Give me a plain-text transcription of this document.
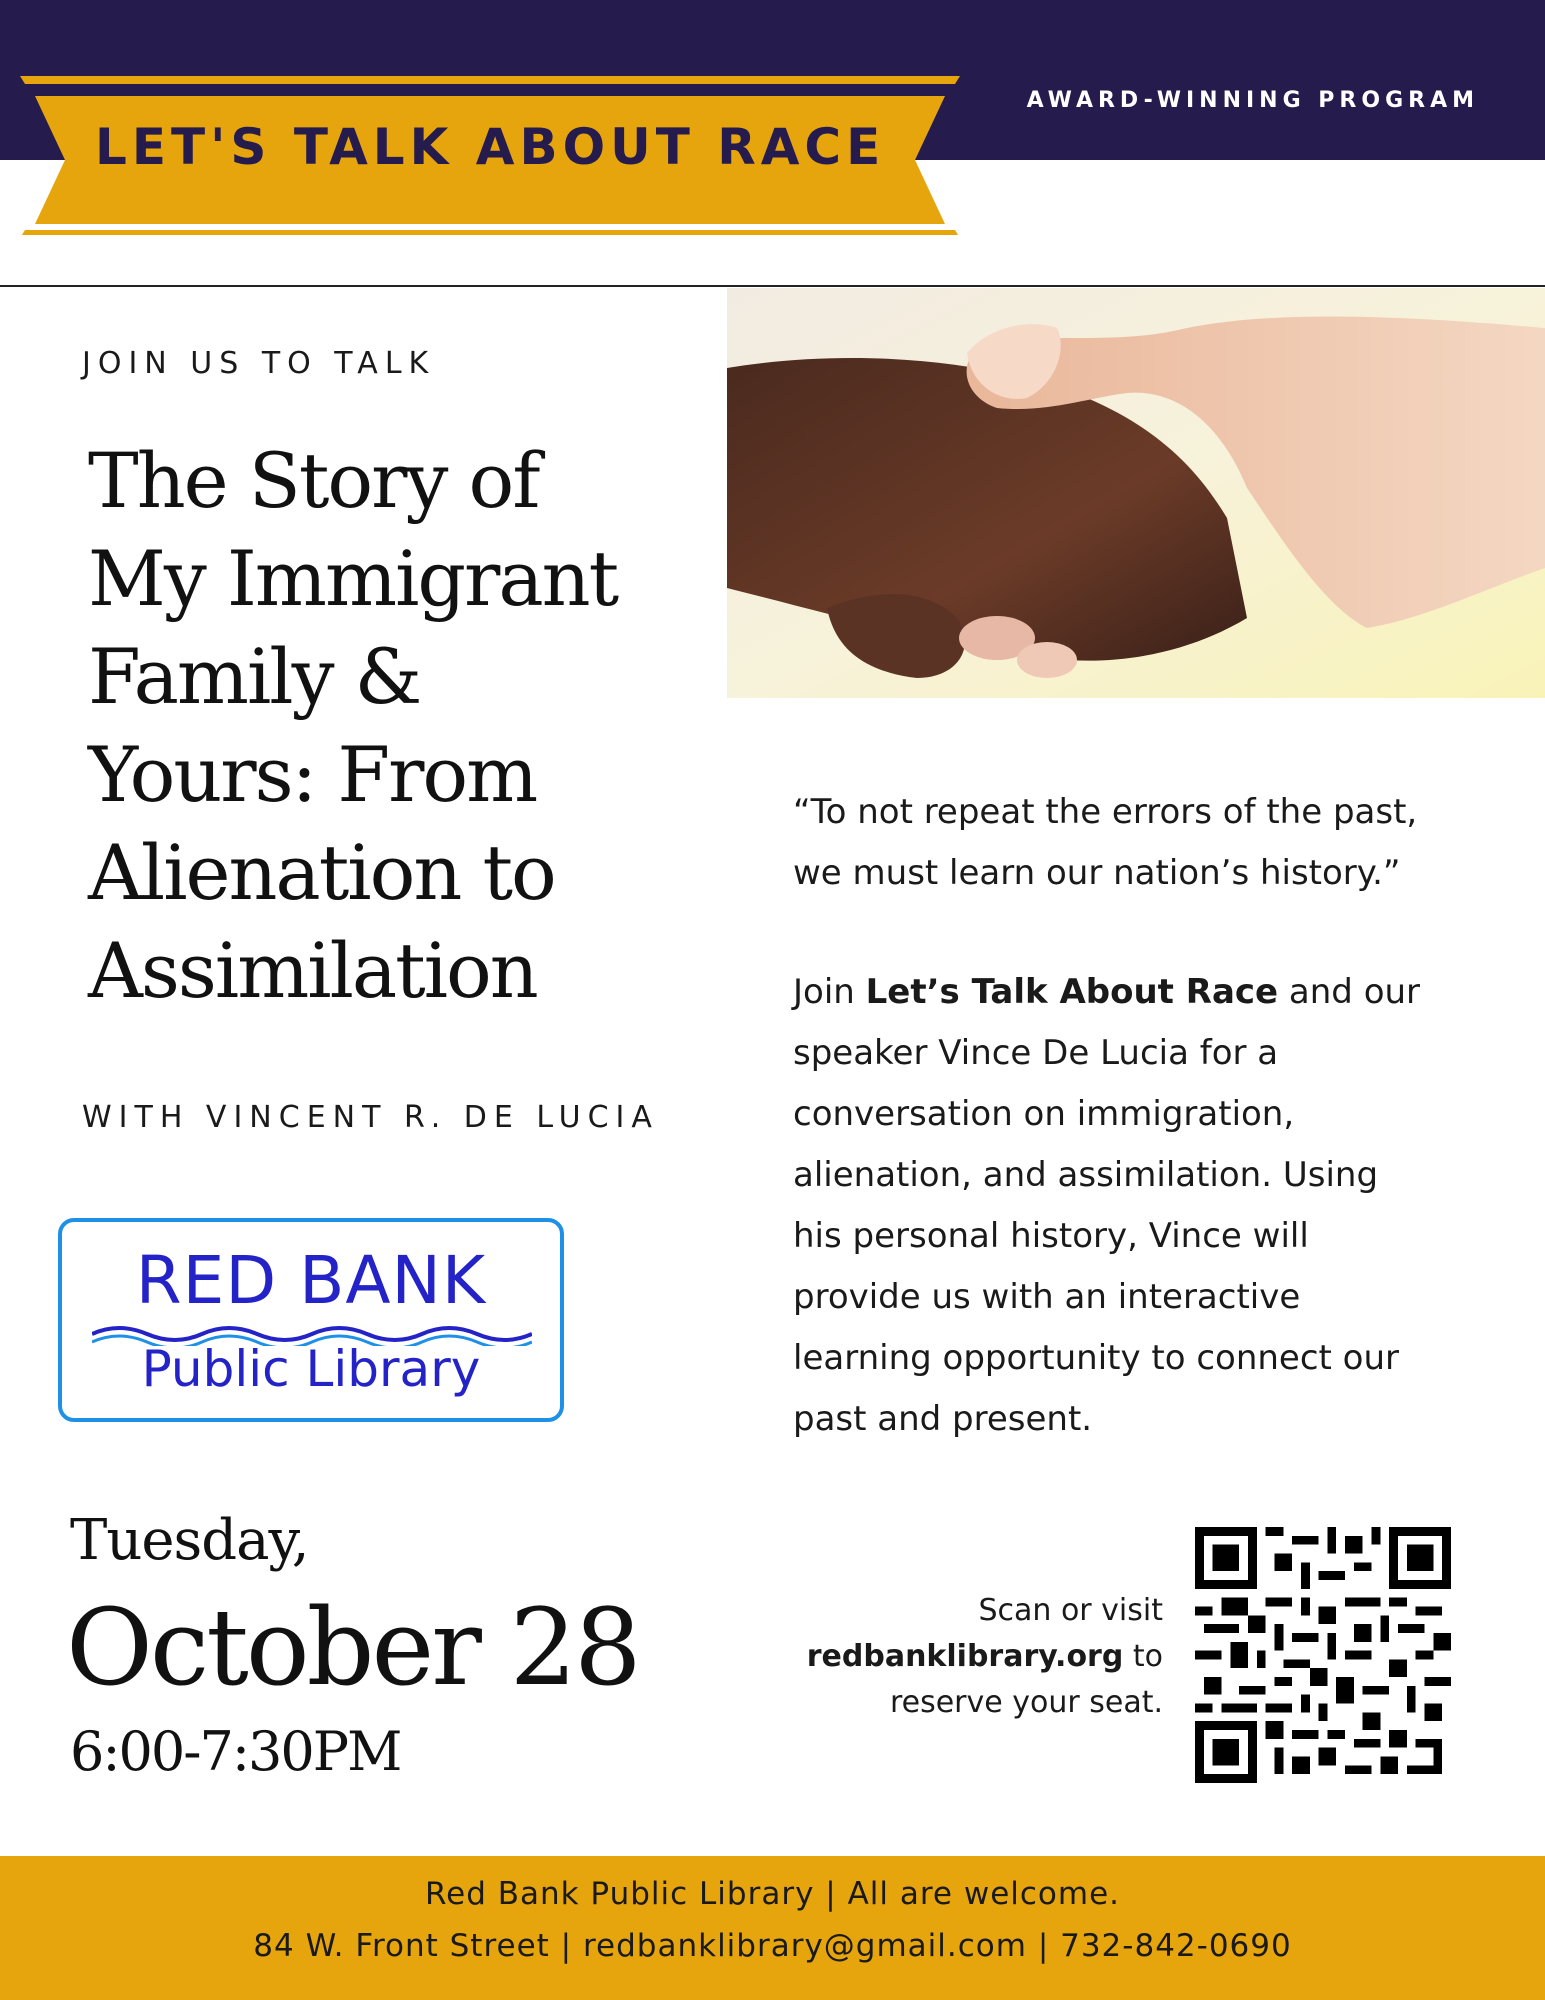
AWARD-WINNING PROGRAM
LET'S TALK ABOUT RACE
JOIN US TO TALK
The Story of
My Immigrant
Family &
Yours: From
Alienation to
Assimilation
WITH VINCENT R. DE LUCIA
RED BANK
Public Library
Tuesday,
October 28
6:00-7:30PM
“To not repeat the errors of the past,
we must learn our nation’s history.”
Join Let’s Talk About Race and our
speaker Vince De Lucia for a
conversation on immigration,
alienation, and assimilation. Using
his personal history, Vince will
provide us with an interactive
learning opportunity to connect our
past and present.
Scan or visit
redbanklibrary.org to
reserve your seat.
Red Bank Public Library | All are welcome.
84 W. Front Street | redbanklibrary@gmail.com | 732-842-0690
